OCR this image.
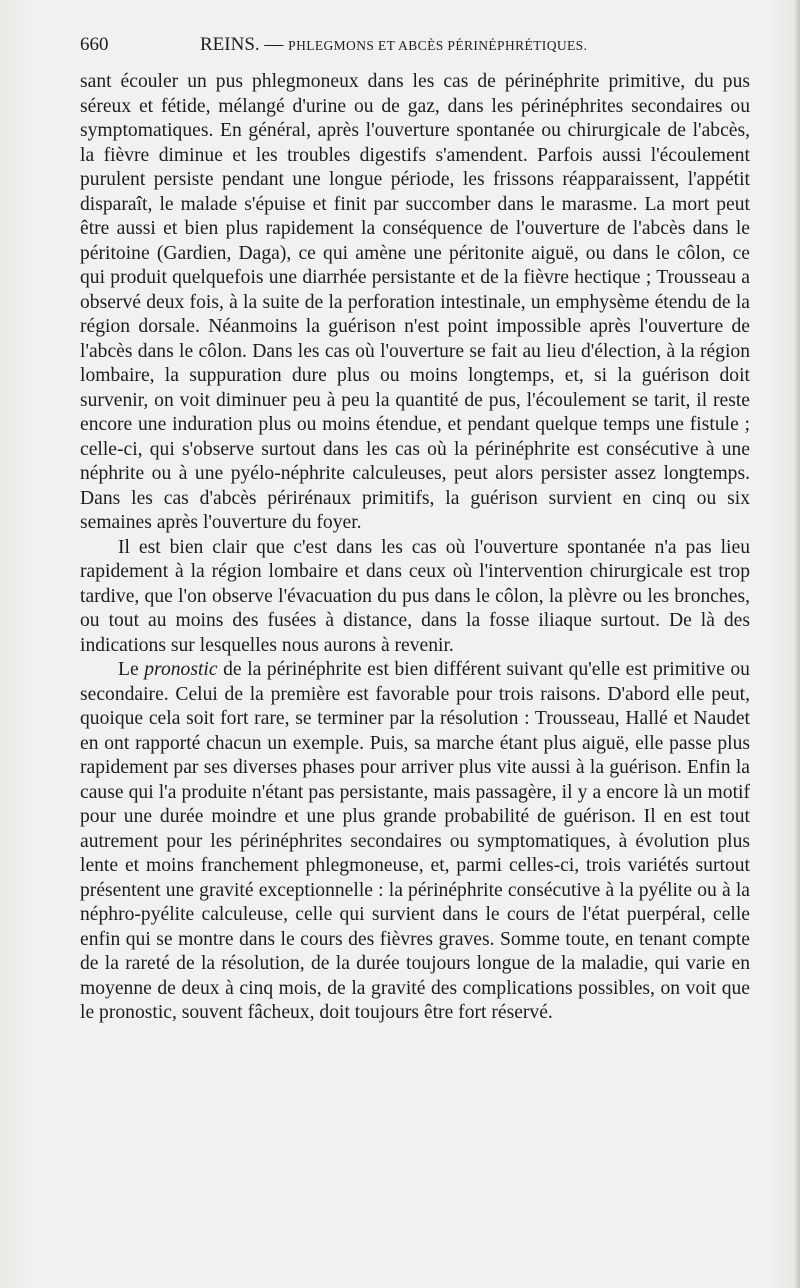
660	REINS. — PHLEGMONS ET ABCÈS PÉRINÉPHRÉTIQUES.

sant écouler un pus phlegmoneux dans les cas de périnéphrite primitive, du pus séreux et fétide, mélangé d'urine ou de gaz, dans les périnéphrites secondaires ou symptomatiques. En général, après l'ouverture spontanée ou chirurgicale de l'abcès, la fièvre diminue et les troubles digestifs s'amendent. Parfois aussi l'écoulement purulent persiste pendant une longue période, les frissons réapparaissent, l'appétit disparaît, le malade s'épuise et finit par succomber dans le marasme. La mort peut être aussi et bien plus rapidement la conséquence de l'ouverture de l'abcès dans le péritoine (Gardien, Daga), ce qui amène une péritonite aiguë, ou dans le côlon, ce qui produit quelquefois une diarrhée persistante et de la fièvre hectique ; Trousseau a observé deux fois, à la suite de la perforation intestinale, un emphysème étendu de la région dorsale. Néanmoins la guérison n'est point impossible après l'ouverture de l'abcès dans le côlon. Dans les cas où l'ouverture se fait au lieu d'élection, à la région lombaire, la suppuration dure plus ou moins longtemps, et, si la guérison doit survenir, on voit diminuer peu à peu la quantité de pus, l'écoulement se tarit, il reste encore une induration plus ou moins étendue, et pendant quelque temps une fistule ; celle-ci, qui s'observe surtout dans les cas où la périnéphrite est consécutive à une néphrite ou à une pyélo-néphrite calculeuses, peut alors persister assez longtemps. Dans les cas d'abcès périrénaux primitifs, la guérison survient en cinq ou six semaines après l'ouverture du foyer.

Il est bien clair que c'est dans les cas où l'ouverture spontanée n'a pas lieu rapidement à la région lombaire et dans ceux où l'intervention chirurgicale est trop tardive, que l'on observe l'évacuation du pus dans le côlon, la plèvre ou les bronches, ou tout au moins des fusées à distance, dans la fosse iliaque surtout. De là des indications sur lesquelles nous aurons à revenir.

Le pronostic de la périnéphrite est bien différent suivant qu'elle est primitive ou secondaire. Celui de la première est favorable pour trois raisons. D'abord elle peut, quoique cela soit fort rare, se terminer par la résolution : Trousseau, Hallé et Naudet en ont rapporté chacun un exemple. Puis, sa marche étant plus aiguë, elle passe plus rapidement par ses diverses phases pour arriver plus vite aussi à la guérison. Enfin la cause qui l'a produite n'étant pas persistante, mais passagère, il y a encore là un motif pour une durée moindre et une plus grande probabilité de guérison. Il en est tout autrement pour les périnéphrites secondaires ou symptomatiques, à évolution plus lente et moins franchement phlegmoneuse, et, parmi celles-ci, trois variétés surtout présentent une gravité exceptionnelle : la périnéphrite consécutive à la pyélite ou à la néphro-pyélite calculeuse, celle qui survient dans le cours de l'état puerpéral, celle enfin qui se montre dans le cours des fièvres graves. Somme toute, en tenant compte de la rareté de la résolution, de la durée toujours longue de la maladie, qui varie en moyenne de deux à cinq mois, de la gravité des complications possibles, on voit que le pronostic, souvent fâcheux, doit toujours être fort réservé.
